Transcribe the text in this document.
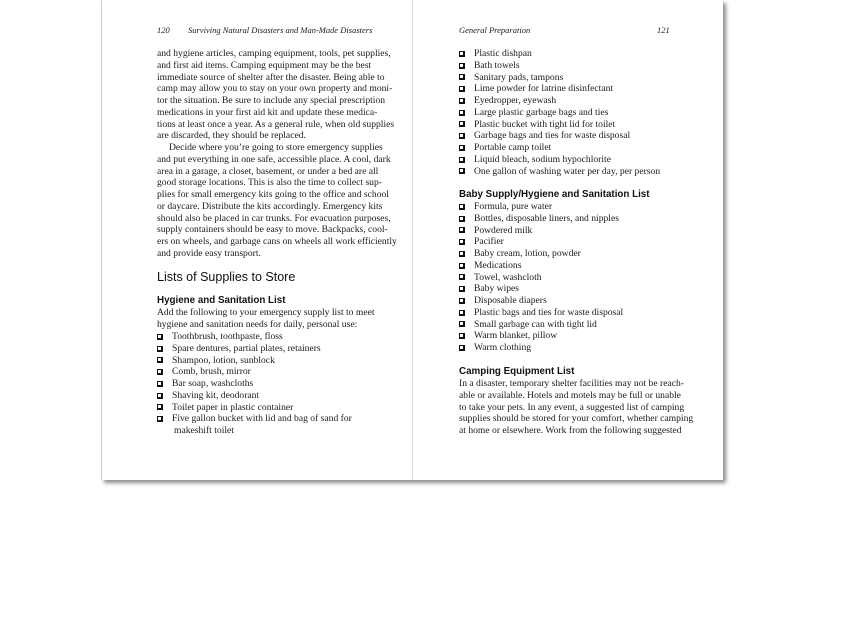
120 Surviving Natural Disasters and Man-Made Disasters
and hygiene articles, camping equipment, tools, pet supplies,
and first aid items. Camping equipment may be the best
immediate source of shelter after the disaster. Being able to
camp may allow you to stay on your own property and moni-
tor the situation. Be sure to include any special prescription
medications in your first aid kit and update these medica-
tions at least once a year. As a general rule, when old supplies
are discarded, they should be replaced.
Decide where you’re going to store emergency supplies
and put everything in one safe, accessible place. A cool, dark
area in a garage, a closet, basement, or under a bed are all
good storage locations. This is also the time to collect sup-
plies for small emergency kits going to the office and school
or daycare. Distribute the kits accordingly. Emergency kits
should also be placed in car trunks. For evacuation purposes,
supply containers should be easy to move. Backpacks, cool-
ers on wheels, and garbage cans on wheels all work efficiently
and provide easy transport.
Lists of Supplies to Store
Hygiene and Sanitation List
Add the following to your emergency supply list to meet
hygiene and sanitation needs for daily, personal use:
Toothbrush, toothpaste, floss
Spare dentures, partial plates, retainers
Shampoo, lotion, sunblock
Comb, brush, mirror
Bar soap, washcloths
Shaving kit, deodorant
Toilet paper in plastic container
Five gallon bucket with lid and bag of sand for
makeshift toilet
General Preparation	121
Plastic dishpan
Bath towels
Sanitary pads, tampons
Lime powder for latrine disinfectant
Eyedropper, eyewash
Large plastic garbage bags and ties
Plastic bucket with tight lid for toilet
Garbage bags and ties for waste disposal
Portable camp toilet
Liquid bleach, sodium hypochlorite
One gallon of washing water per day, per person
Baby Supply/Hygiene and Sanitation List
Formula, pure water
Bottles, disposable liners, and nipples
Powdered milk
Pacifier
Baby cream, lotion, powder
Medications
Towel, washcloth
Baby wipes
Disposable diapers
Plastic bags and ties for waste disposal
Small garbage can with tight lid
Warm blanket, pillow
Warm clothing
Camping Equipment List
In a disaster, temporary shelter facilities may not be reach-
able or available. Hotels and motels may be full or unable
to take your pets. In any event, a suggested list of camping
supplies should be stored for your comfort, whether camping
at home or elsewhere. Work from the following suggested
